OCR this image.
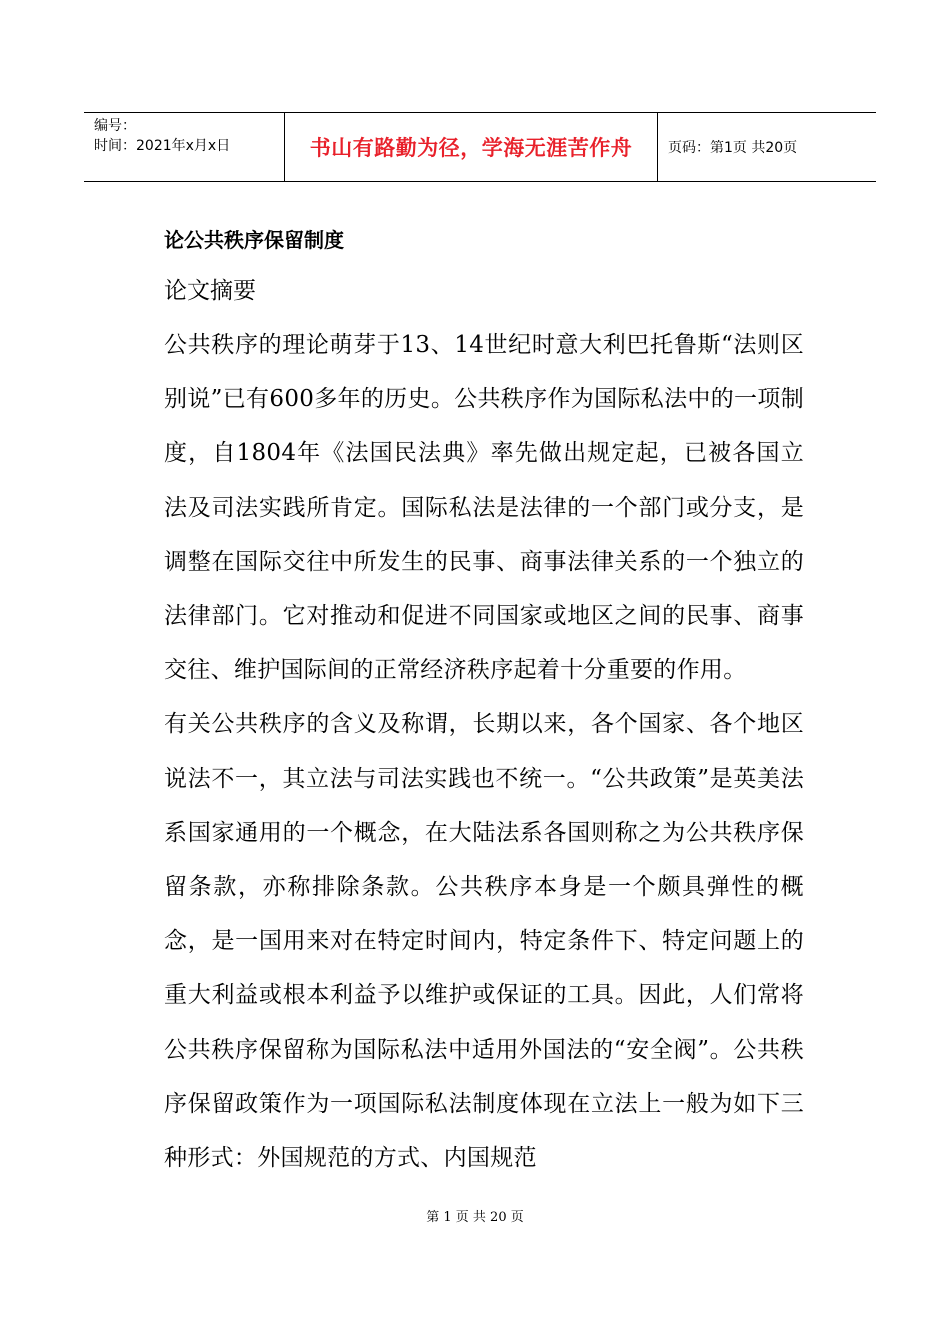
编号：
时间：2021年x月x日	书山有路勤为径，学海无涯苦作舟	页码：第1页 共20页
论公共秩序保留制度

论文摘要

公共秩序的理论萌芽于13、14世纪时意大利巴托鲁斯“法则区别说”已有600多年的历史。公共秩序作为国际私法中的一项制度，自1804年《法国民法典》率先做出规定起，已被各国立法及司法实践所肯定。国际私法是法律的一个部门或分支，是调整在国际交往中所发生的民事、商事法律关系的一个独立的法律部门。它对推动和促进不同国家或地区之间的民事、商事交往、维护国际间的正常经济秩序起着十分重要的作用。

有关公共秩序的含义及称谓，长期以来，各个国家、各个地区说法不一，其立法与司法实践也不统一。“公共政策”是英美法系国家通用的一个概念，在大陆法系各国则称之为公共秩序保留条款，亦称排除条款。公共秩序本身是一个颇具弹性的概念，是一国用来对在特定时间内，特定条件下、特定问题上的重大利益或根本利益予以维护或保证的工具。因此，人们常将公共秩序保留称为国际私法中适用外国法的“安全阀”。公共秩序保留政策作为一项国际私法制度体现在立法上一般为如下三种形式：外国规范的方式、内国规范

第 1 页 共 20 页
